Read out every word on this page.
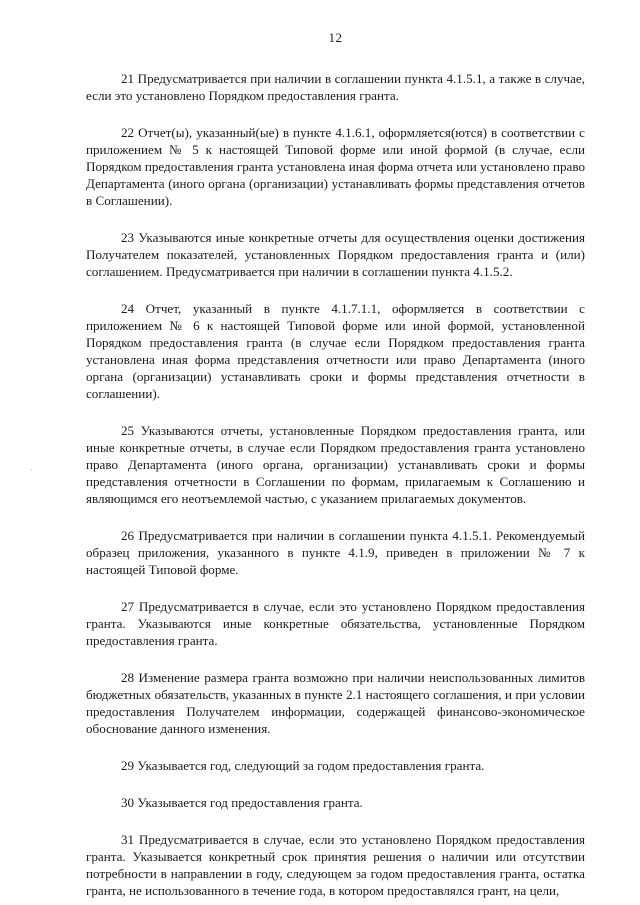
12

21 Предусматривается при наличии в соглашении пункта 4.1.5.1, а также в случае, если это установлено Порядком предоставления гранта.

22 Отчет(ы), указанный(ые) в пункте 4.1.6.1, оформляется(ются) в соответствии с приложением № 5 к настоящей Типовой форме или иной формой (в случае, если Порядком предоставления гранта установлена иная форма отчета или установлено право Департамента (иного органа (организации) устанавливать формы представления отчетов в Соглашении).

23 Указываются иные конкретные отчеты для осуществления оценки достижения Получателем показателей, установленных Порядком предоставления гранта и (или) соглашением. Предусматривается при наличии в соглашении пункта 4.1.5.2.

24 Отчет, указанный в пункте 4.1.7.1.1, оформляется в соответствии с приложением № 6 к настоящей Типовой форме или иной формой, установленной Порядком предоставления гранта (в случае если Порядком предоставления гранта установлена иная форма представления отчетности или право Департамента (иного органа (организации) устанавливать сроки и формы представления отчетности в соглашении).

25 Указываются отчеты, установленные Порядком предоставления гранта, или иные конкретные отчеты, в случае если Порядком предоставления гранта установлено право Департамента (иного органа, организации) устанавливать сроки и формы представления отчетности в Соглашении по формам, прилагаемым к Соглашению и являющимся его неотъемлемой частью, с указанием прилагаемых документов.

26 Предусматривается при наличии в соглашении пункта 4.1.5.1. Рекомендуемый образец приложения, указанного в пункте 4.1.9, приведен в приложении № 7 к настоящей Типовой форме.

27 Предусматривается в случае, если это установлено Порядком предоставления гранта. Указываются иные конкретные обязательства, установленные Порядком предоставления гранта.

28 Изменение размера гранта возможно при наличии неиспользованных лимитов бюджетных обязательств, указанных в пункте 2.1 настоящего соглашения, и при условии предоставления Получателем информации, содержащей финансово-экономическое обоснование данного изменения.

29 Указывается год, следующий за годом предоставления гранта.

30 Указывается год предоставления гранта.

31 Предусматривается в случае, если это установлено Порядком предоставления гранта. Указывается конкретный срок принятия решения о наличии или отсутствии потребности в направлении в году, следующем за годом предоставления гранта, остатка гранта, не использованного в течение года, в котором предоставлялся грант, на цели,

·
